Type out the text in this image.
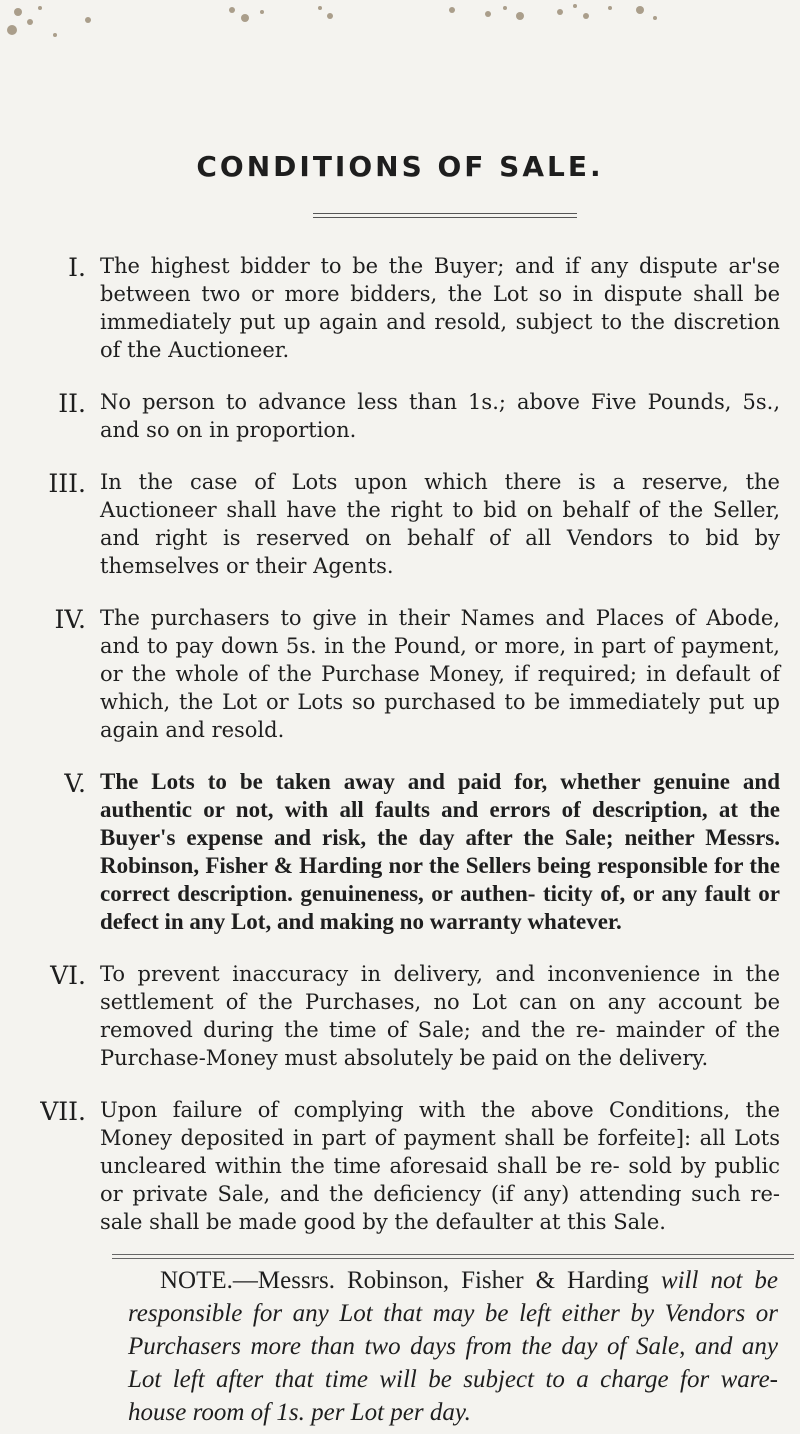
CONDITIONS OF SALE.
I. The highest bidder to be the Buyer; and if any dispute ar'se between two or more bidders, the Lot so in dispute shall be immediately put up again and resold, subject to the discretion of the Auctioneer.

II. No person to advance less than 1s.; above Five Pounds, 5s., and so on in proportion.

III. In the case of Lots upon which there is a reserve, the Auctioneer shall have the right to bid on behalf of the Seller, and right is reserved on behalf of all Vendors to bid by themselves or their Agents.

IV. The purchasers to give in their Names and Places of Abode, and to pay down 5s. in the Pound, or more, in part of payment, or the whole of the Purchase Money, if required; in default of which, the Lot or Lots so purchased to be immediately put up again and resold.

V. The Lots to be taken away and paid for, whether genuine and authentic or not, with all faults and errors of description, at the Buyer's expense and risk, the day after the Sale; neither Messrs. Robinson, Fisher & Harding nor the Sellers being responsible for the correct description. genuineness, or authen- ticity of, or any fault or defect in any Lot, and making no warranty whatever.

VI. To prevent inaccuracy in delivery, and inconvenience in the settlement of the Purchases, no Lot can on any account be removed during the time of Sale; and the re- mainder of the Purchase-Money must absolutely be paid on the delivery.

VII. Upon failure of complying with the above Conditions, the Money deposited in part of payment shall be forfeite]: all Lots uncleared within the time aforesaid shall be re- sold by public or private Sale, and the deficiency (if any) attending such re-sale shall be made good by the defaulter at this Sale.

NOTE.—Messrs. Robinson, Fisher & Harding will not be responsible for any Lot that may be left either by Vendors or Purchasers more than two days from the day of Sale, and any Lot left after that time will be subject to a charge for ware- house room of 1s. per Lot per day.
